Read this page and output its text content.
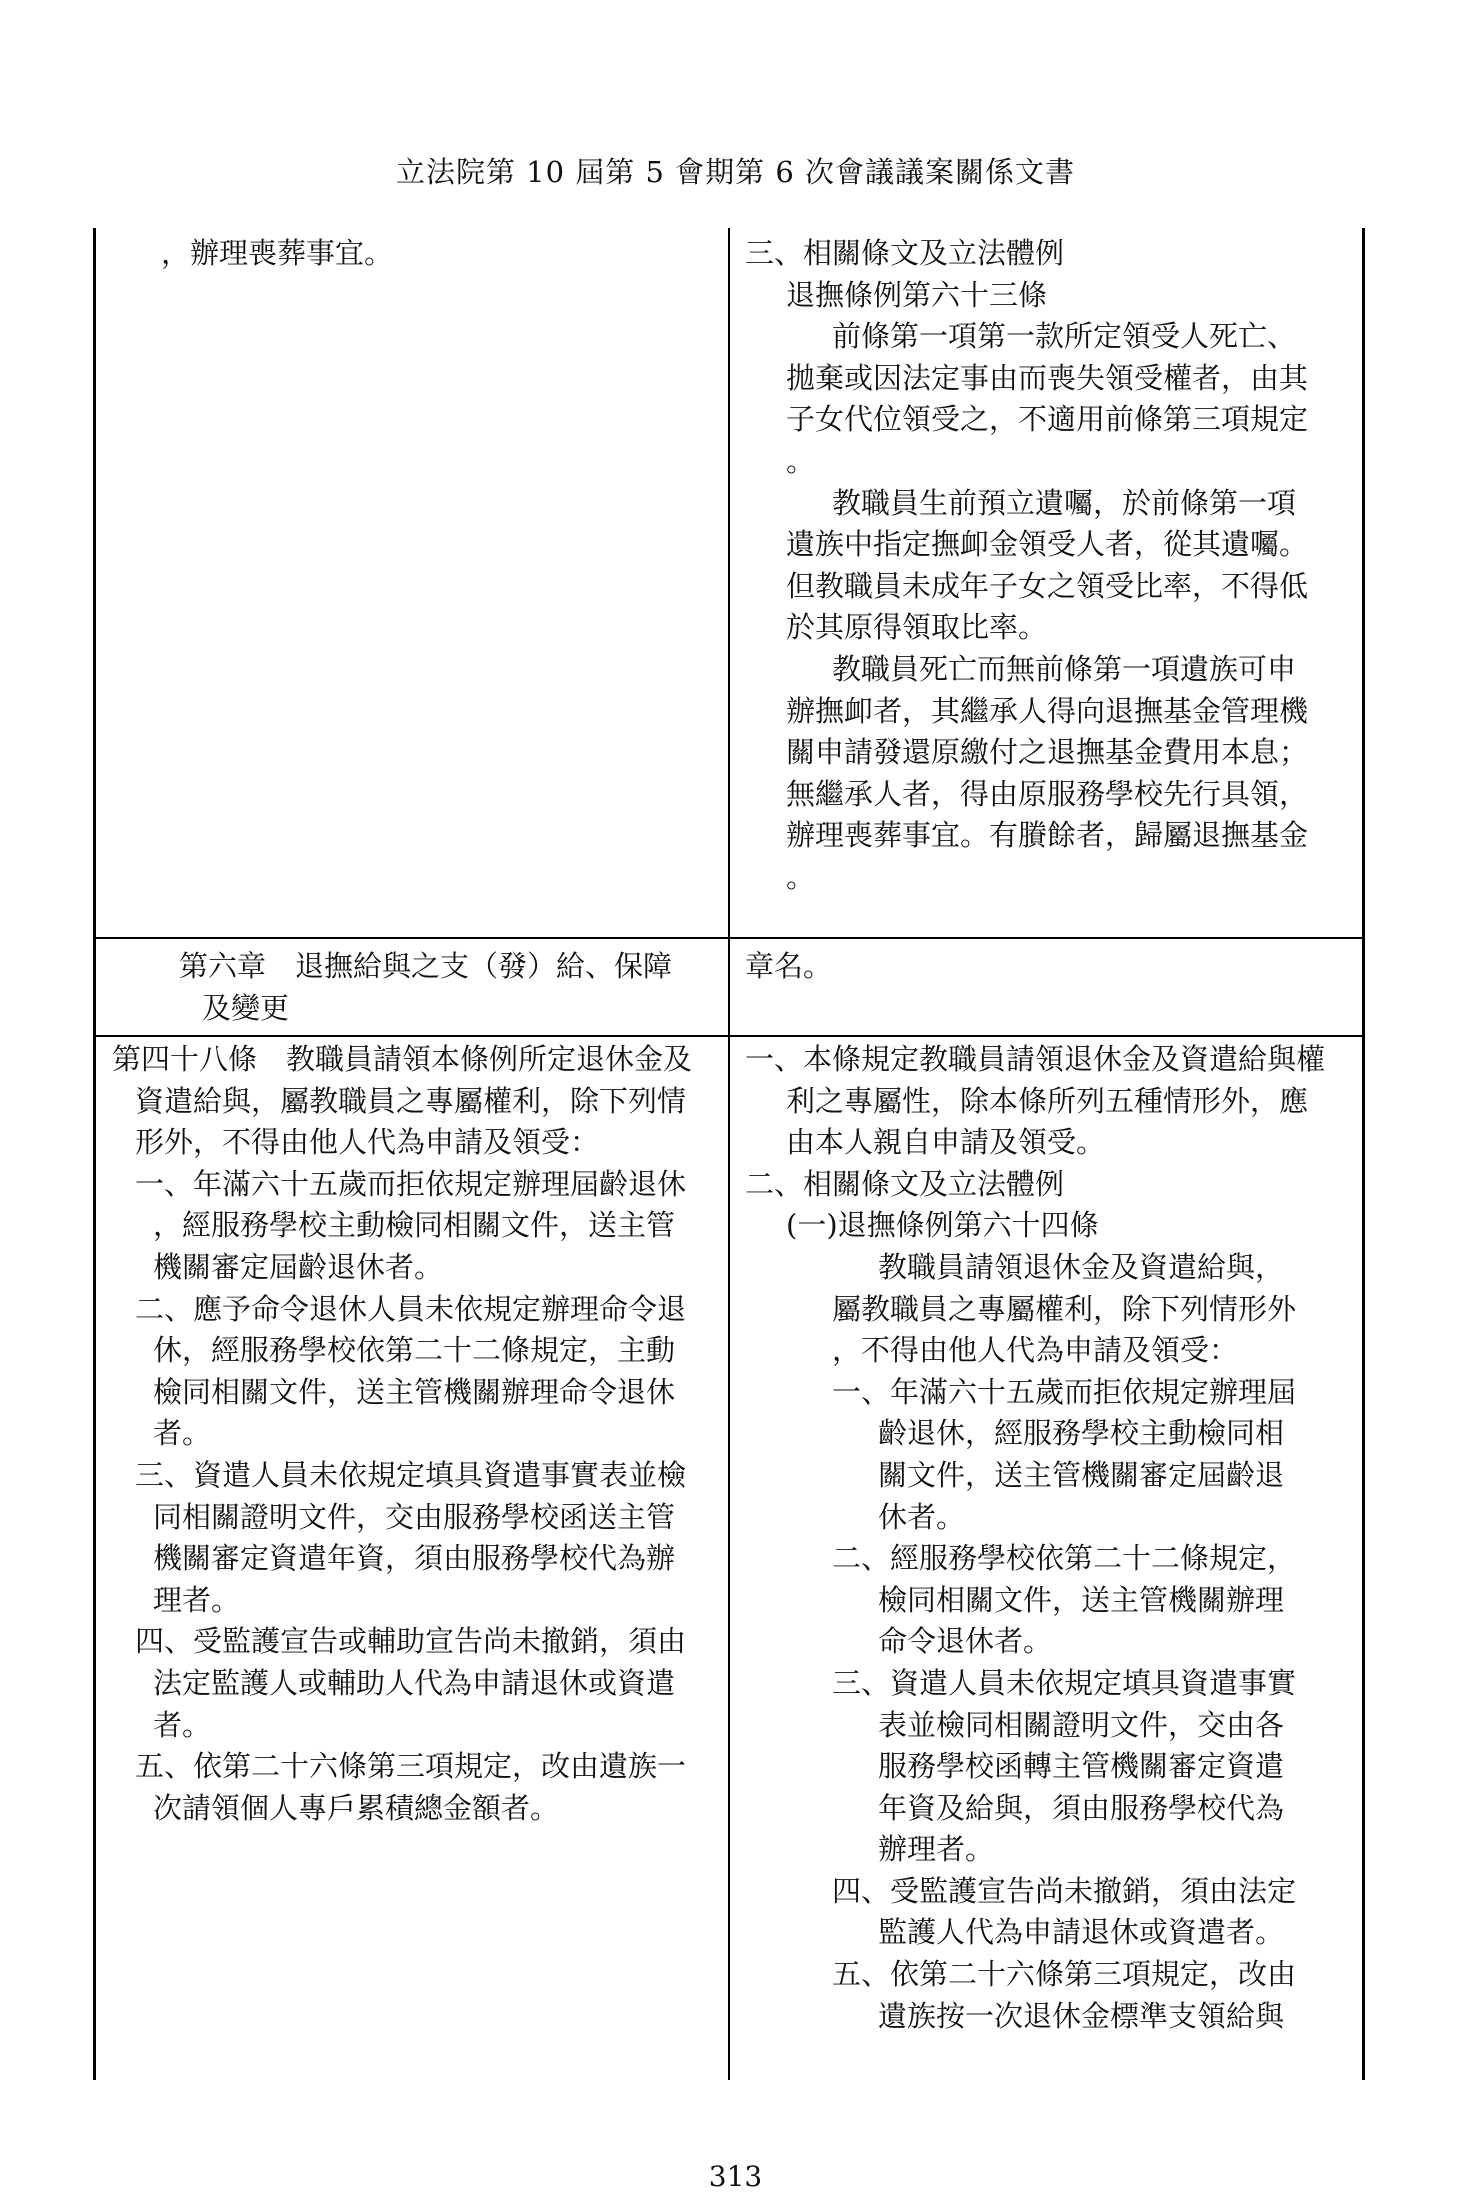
立法院第 10 屆第 5 會期第 6 次會議議案關係文書
，辦理喪葬事宜。	三、相關條文及立法體例
退撫條例第六十三條
前條第一項第一款所定領受人死亡、
拋棄或因法定事由而喪失領受權者，由其
子女代位領受之，不適用前條第三項規定
。
教職員生前預立遺囑，於前條第一項
遺族中指定撫卹金領受人者，從其遺囑。
但教職員未成年子女之領受比率，不得低
於其原得領取比率。
教職員死亡而無前條第一項遺族可申
辦撫卹者，其繼承人得向退撫基金管理機
關申請發還原繳付之退撫基金費用本息；
無繼承人者，得由原服務學校先行具領，
辦理喪葬事宜。有賸餘者，歸屬退撫基金
。
第六章　退撫給與之支（發）給、保障
及變更
章名。
第四十八條　教職員請領本條例所定退休金及
資遣給與，屬教職員之專屬權利，除下列情
形外，不得由他人代為申請及領受：
一、年滿六十五歲而拒依規定辦理屆齡退休
，經服務學校主動檢同相關文件，送主管
機關審定屆齡退休者。
二、應予命令退休人員未依規定辦理命令退
休，經服務學校依第二十二條規定，主動
檢同相關文件，送主管機關辦理命令退休
者。
三、資遣人員未依規定填具資遣事實表並檢
同相關證明文件，交由服務學校函送主管
機關審定資遣年資，須由服務學校代為辦
理者。
四、受監護宣告或輔助宣告尚未撤銷，須由
法定監護人或輔助人代為申請退休或資遣
者。
五、依第二十六條第三項規定，改由遺族一
次請領個人專戶累積總金額者。
一、本條規定教職員請領退休金及資遣給與權
利之專屬性，除本條所列五種情形外，應
由本人親自申請及領受。
二、相關條文及立法體例
(一)退撫條例第六十四條
教職員請領退休金及資遣給與，
屬教職員之專屬權利，除下列情形外
，不得由他人代為申請及領受：
一、年滿六十五歲而拒依規定辦理屆
齡退休，經服務學校主動檢同相
關文件，送主管機關審定屆齡退
休者。
二、經服務學校依第二十二條規定，
檢同相關文件，送主管機關辦理
命令退休者。
三、資遣人員未依規定填具資遣事實
表並檢同相關證明文件，交由各
服務學校函轉主管機關審定資遣
年資及給與，須由服務學校代為
辦理者。
四、受監護宣告尚未撤銷，須由法定
監護人代為申請退休或資遣者。
五、依第二十六條第三項規定，改由
遺族按一次退休金標準支領給與
313
